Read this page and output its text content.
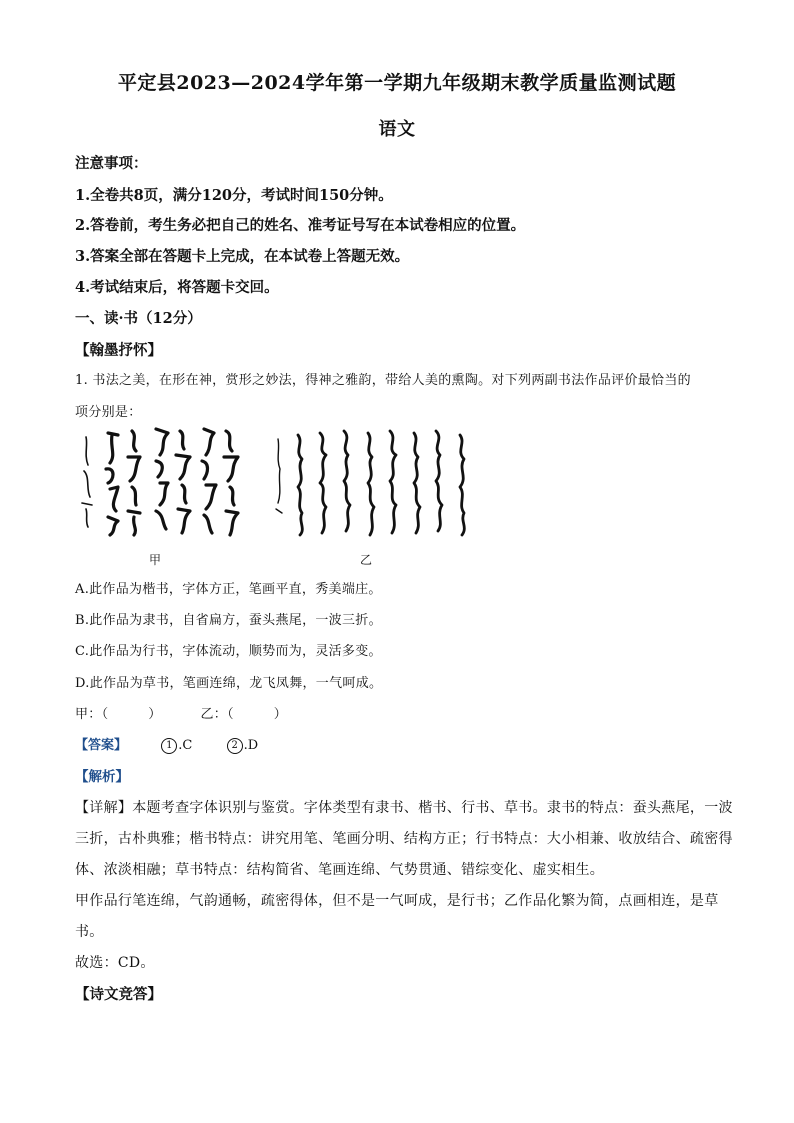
平定县2023—2024学年第一学期九年级期末教学质量监测试题
语文
注意事项：
1.全卷共8页，满分120分，考试时间150分钟。
2.答卷前，考生务必把自己的姓名、准考证号写在本试卷相应的位置。
3.答案全部在答题卡上完成，在本试卷上答题无效。
4.考试结束后，将答题卡交回。
一、读·书（12分）
【翰墨抒怀】
1. 书法之美，在形在神，赏形之妙法，得神之雅韵，带给人美的熏陶。对下列两副书法作品评价最恰当的
项分别是：
甲	乙
A.此作品为楷书，字体方正，笔画平直，秀美端庄。
B.此作品为隶书，自省扁方，蚕头燕尾，一波三折。
C.此作品为行书，字体流动，顺势而为，灵活多变。
D.此作品为草书，笔画连绵，龙飞凤舞，一气呵成。
甲：（　　　）	乙：（　　　）
【答案】	1 .C	2 .D
【解析】
【详解】本题考查字体识别与鉴赏。字体类型有隶书、楷书、行书、草书。隶书的特点：蚕头燕尾，一波
三折，古朴典雅；楷书特点：讲究用笔、笔画分明、结构方正；行书特点：大小相兼、收放结合、疏密得
体、浓淡相融；草书特点：结构简省、笔画连绵、气势贯通、错综变化、虚实相生。
甲作品行笔连绵，气韵通畅，疏密得体，但不是一气呵成，是行书；乙作品化繁为简，点画相连，是草
书。
故选：CD。
【诗文竞答】
